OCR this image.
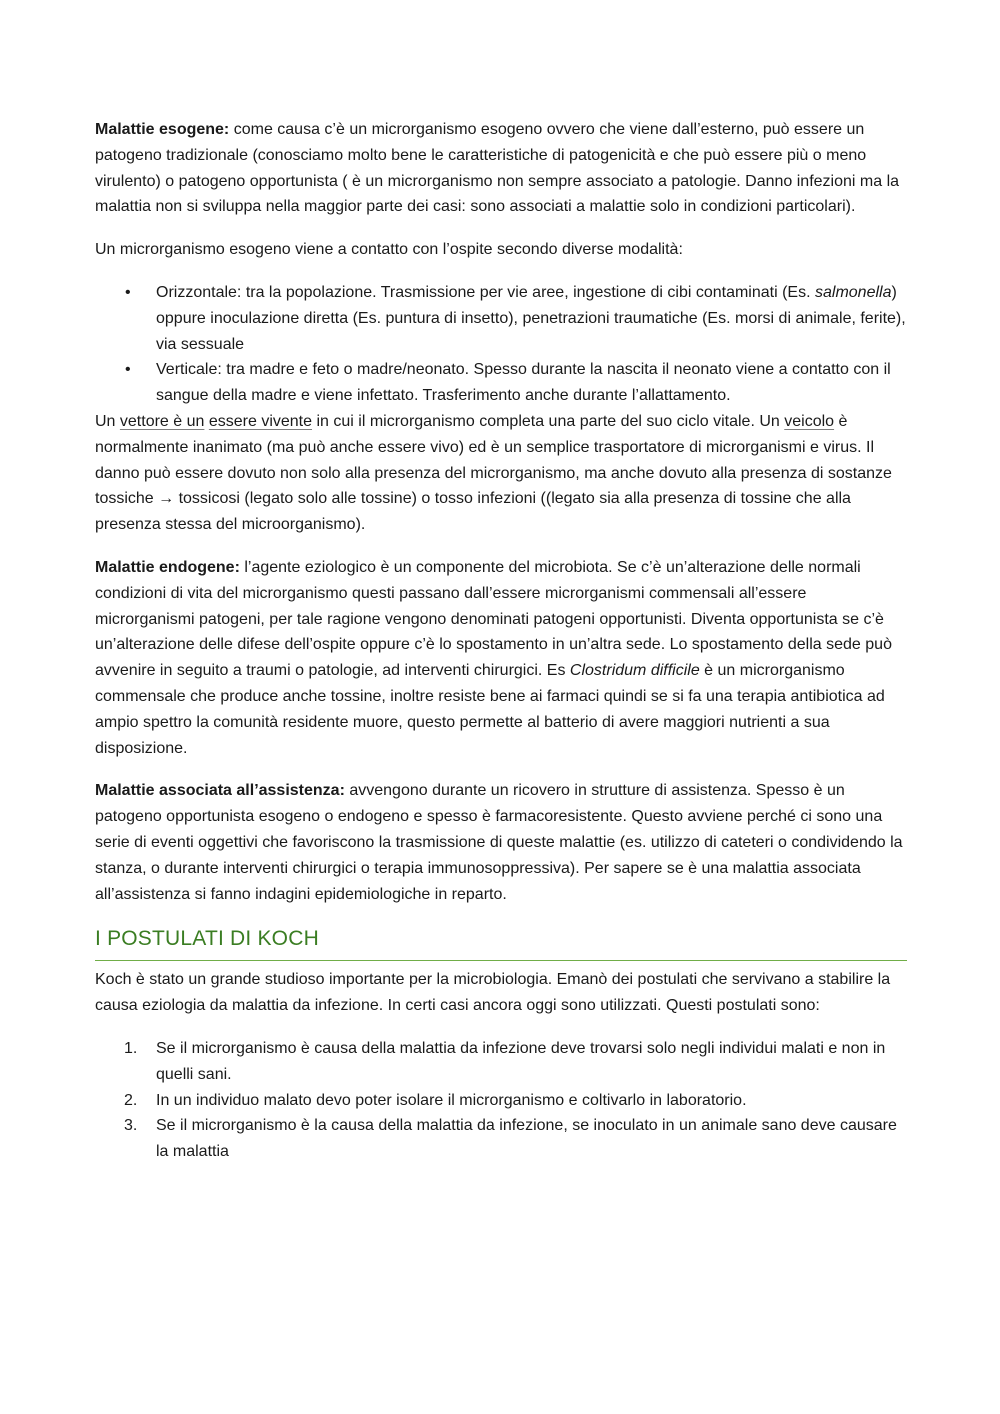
Malattie esogene: come causa c’è un microrganismo esogeno ovvero che viene dall’esterno, può essere un patogeno tradizionale (conosciamo molto bene le caratteristiche di patogenicità e che può essere più o meno virulento) o patogeno opportunista ( è un microrganismo non sempre associato a patologie. Danno infezioni ma la malattia non si sviluppa nella maggior parte dei casi: sono associati a malattie solo in condizioni particolari).

Un microrganismo esogeno viene a contatto con l’ospite secondo diverse modalità:

• Orizzontale: tra la popolazione. Trasmissione per vie aree, ingestione di cibi contaminati (Es. salmonella) oppure inoculazione diretta (Es. puntura di insetto), penetrazioni traumatiche (Es. morsi di animale, ferite), via sessuale
• Verticale: tra madre e feto o madre/neonato. Spesso durante la nascita il neonato viene a contatto con il sangue della madre e viene infettato. Trasferimento anche durante l’allattamento.

Un vettore è un essere vivente in cui il microrganismo completa una parte del suo ciclo vitale. Un veicolo è normalmente inanimato (ma può anche essere vivo) ed è un semplice trasportatore di microrganismi e virus. Il danno può essere dovuto non solo alla presenza del microrganismo, ma anche dovuto alla presenza di sostanze tossiche → tossicosi (legato solo alle tossine) o tosso infezioni ((legato sia alla presenza di tossine che alla presenza stessa del microorganismo).

Malattie endogene: l’agente eziologico è un componente del microbiota. Se c’è un’alterazione delle normali condizioni di vita del microrganismo questi passano dall’essere microrganismi commensali all’essere microrganismi patogeni, per tale ragione vengono denominati patogeni opportunisti. Diventa opportunista se c’è un’alterazione delle difese dell’ospite oppure c’è lo spostamento in un’altra sede. Lo spostamento della sede può avvenire in seguito a traumi o patologie, ad interventi chirurgici. Es Clostridum difficile è un microrganismo commensale che produce anche tossine, inoltre resiste bene ai farmaci quindi se si fa una terapia antibiotica ad ampio spettro la comunità residente muore, questo permette al batterio di avere maggiori nutrienti a sua disposizione.

Malattie associata all’assistenza: avvengono durante un ricovero in strutture di assistenza. Spesso è un patogeno opportunista esogeno o endogeno e spesso è farmacoresistente. Questo avviene perché ci sono una serie di eventi oggettivi che favoriscono la trasmissione di queste malattie (es. utilizzo di cateteri o condividendo la stanza, o durante interventi chirurgici o terapia immunosoppressiva). Per sapere se è una malattia associata all’assistenza si fanno indagini epidemiologiche in reparto.

I POSTULATI DI KOCH

Koch è stato un grande studioso importante per la microbiologia. Emanò dei postulati che servivano a stabilire la causa eziologia da malattia da infezione. In certi casi ancora oggi sono utilizzati. Questi postulati sono:

1. Se il microrganismo è causa della malattia da infezione deve trovarsi solo negli individui malati e non in quelli sani.
2. In un individuo malato devo poter isolare il microrganismo e coltivarlo in laboratorio.
3. Se il microrganismo è la causa della malattia da infezione, se inoculato in un animale sano deve causare la malattia
